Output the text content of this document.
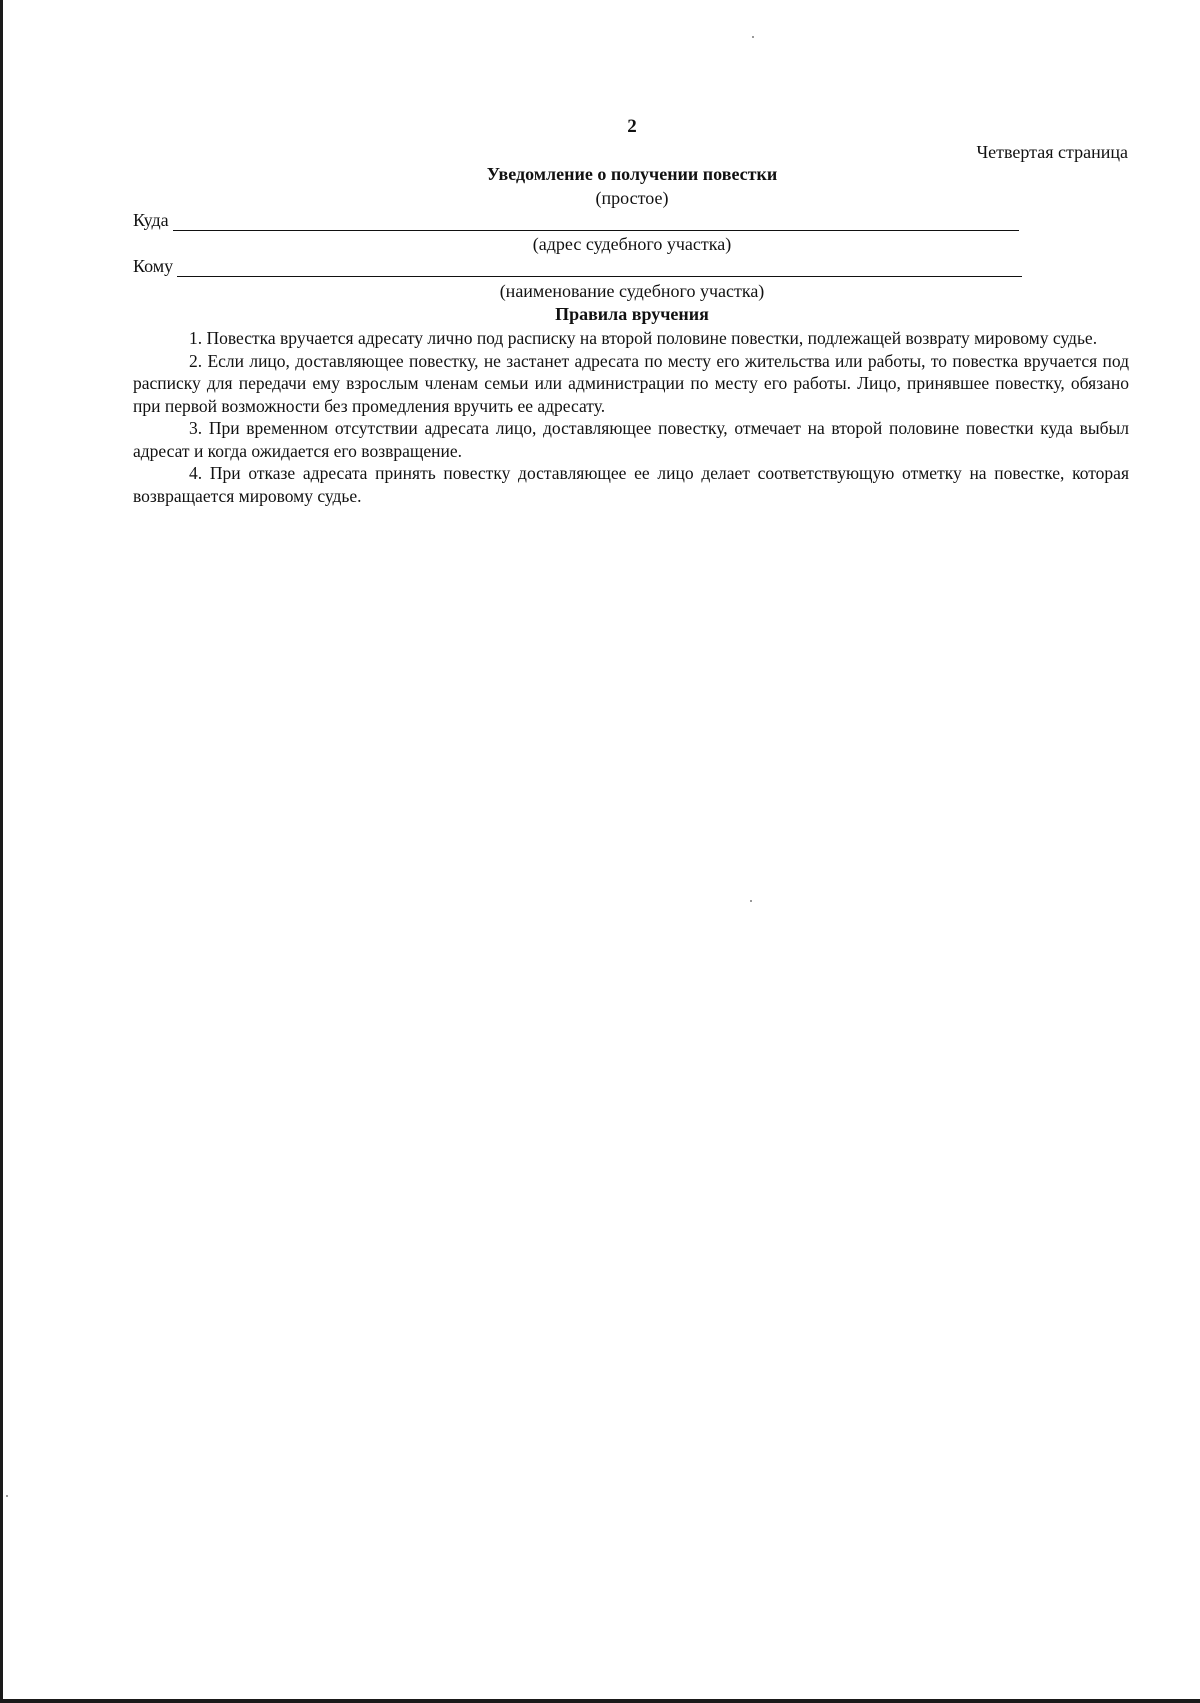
2
Четвертая страница
Уведомление о получении повестки
(простое)
Куда
(адрес судебного участка)
Кому
(наименование судебного участка)
Правила вручения

1. Повестка вручается адресату лично под расписку на второй половине повестки, подлежащей возврату мировому судье.

2. Если лицо, доставляющее повестку, не застанет адресата по месту его жительства или работы, то повестка вручается под расписку для передачи ему взрослым членам семьи или администрации по месту его работы. Лицо, принявшее повестку, обязано при первой возможности без промедления вручить ее адресату.

3. При временном отсутствии адресата лицо, доставляющее повестку, отмечает на второй половине повестки куда выбыл адресат и когда ожидается его возвращение.

4. При отказе адресата принять повестку доставляющее ее лицо делает соответствующую отметку на повестке, которая возвращается мировому судье.
